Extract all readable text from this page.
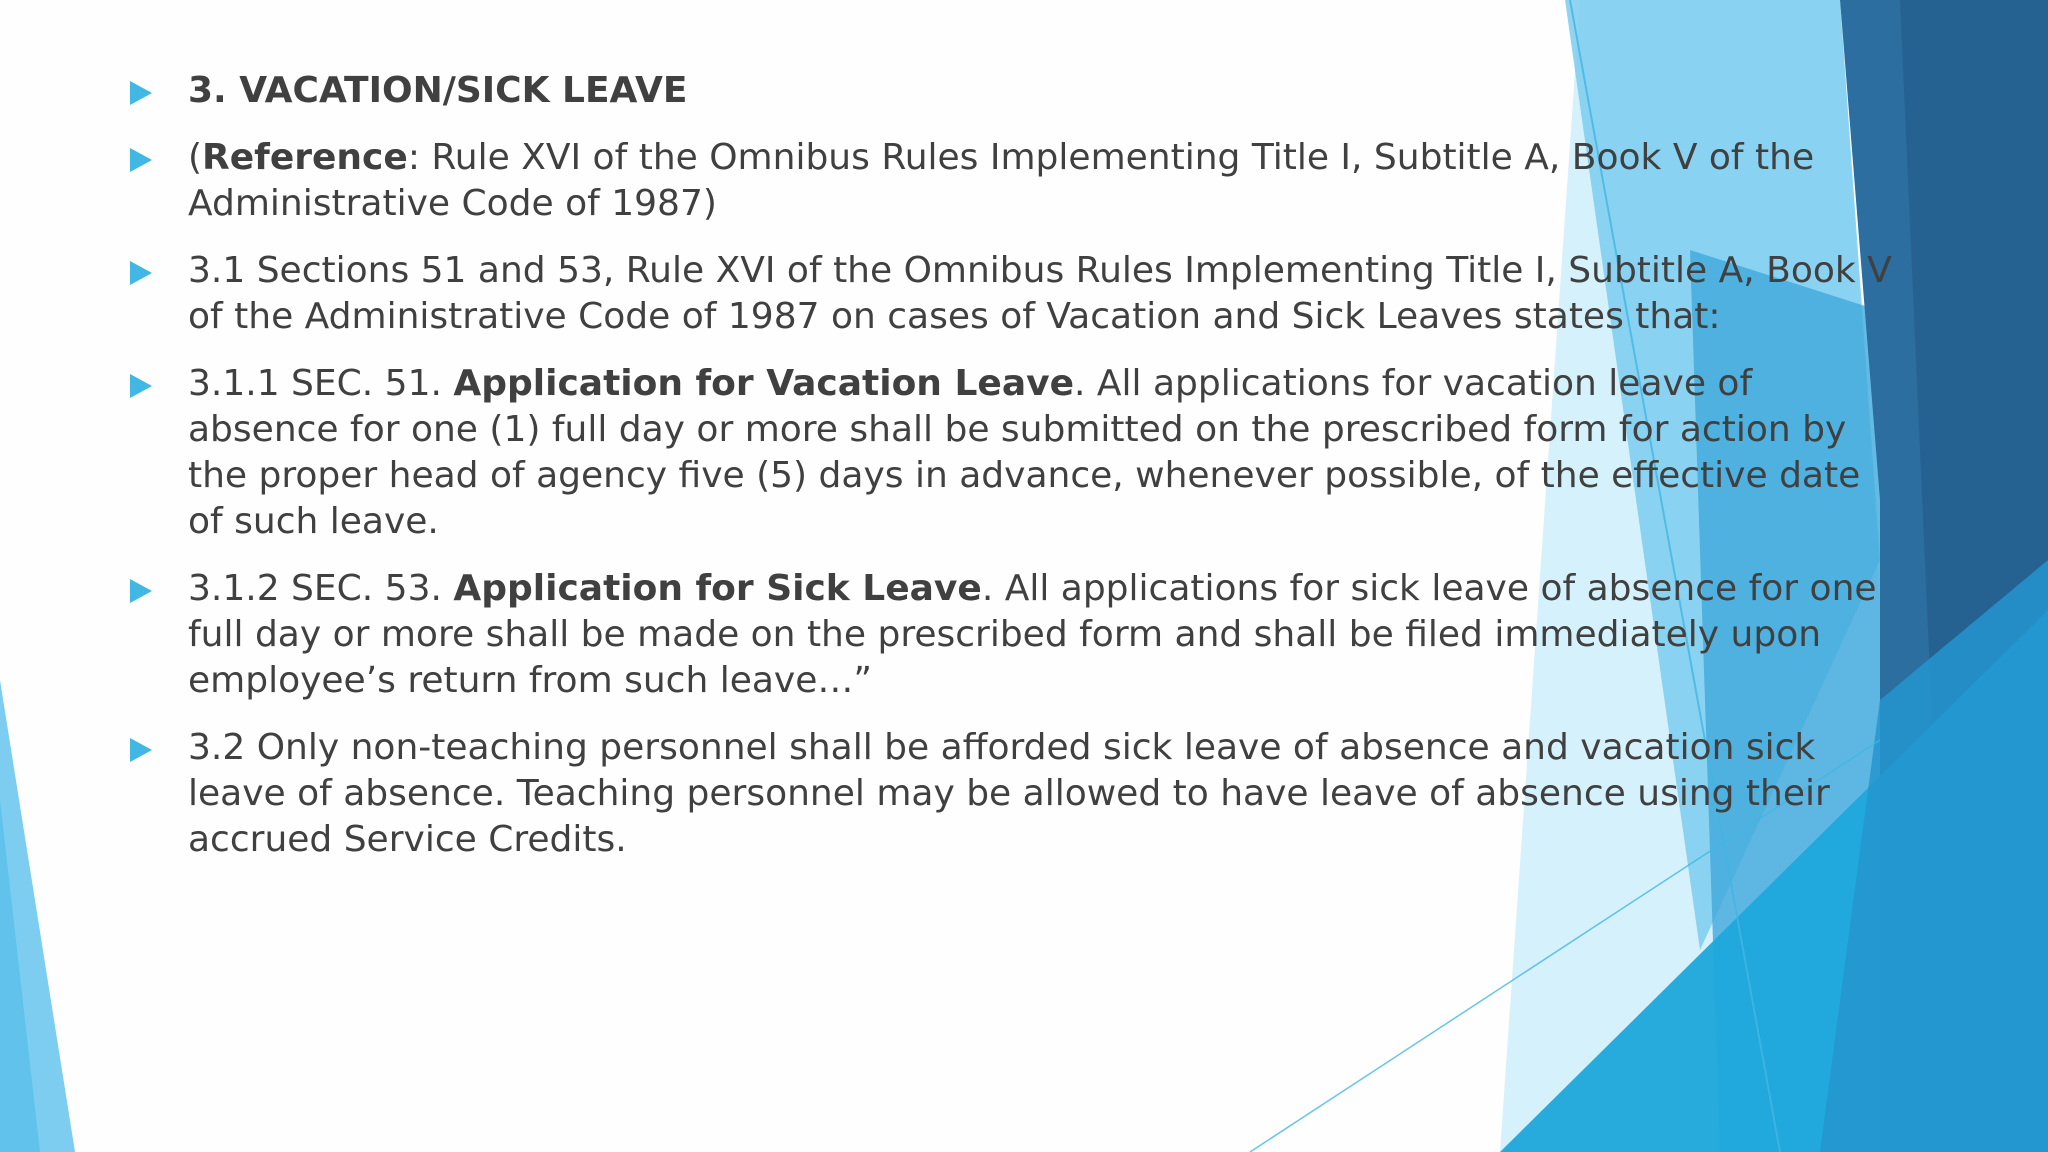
3. VACATION/SICK LEAVE
(Reference: Rule XVI of the Omnibus Rules Implementing Title I, Subtitle A, Book V of the Administrative Code of 1987)
3.1 Sections 51 and 53, Rule XVI of the Omnibus Rules Implementing Title I, Subtitle A, Book V of the Administrative Code of 1987 on cases of Vacation and Sick Leaves states that:
3.1.1 SEC. 51. Application for Vacation Leave. All applications for vacation leave of absence for one (1) full day or more shall be submitted on the prescribed form for action by the proper head of agency five (5) days in advance, whenever possible, of the effective date of such leave.
3.1.2 SEC. 53. Application for Sick Leave. All applications for sick leave of absence for one full day or more shall be made on the prescribed form and shall be filed immediately upon employee’s return from such leave…”
3.2 Only non-teaching personnel shall be afforded sick leave of absence and vacation sick leave of absence. Teaching personnel may be allowed to have leave of absence using their accrued Service Credits.
